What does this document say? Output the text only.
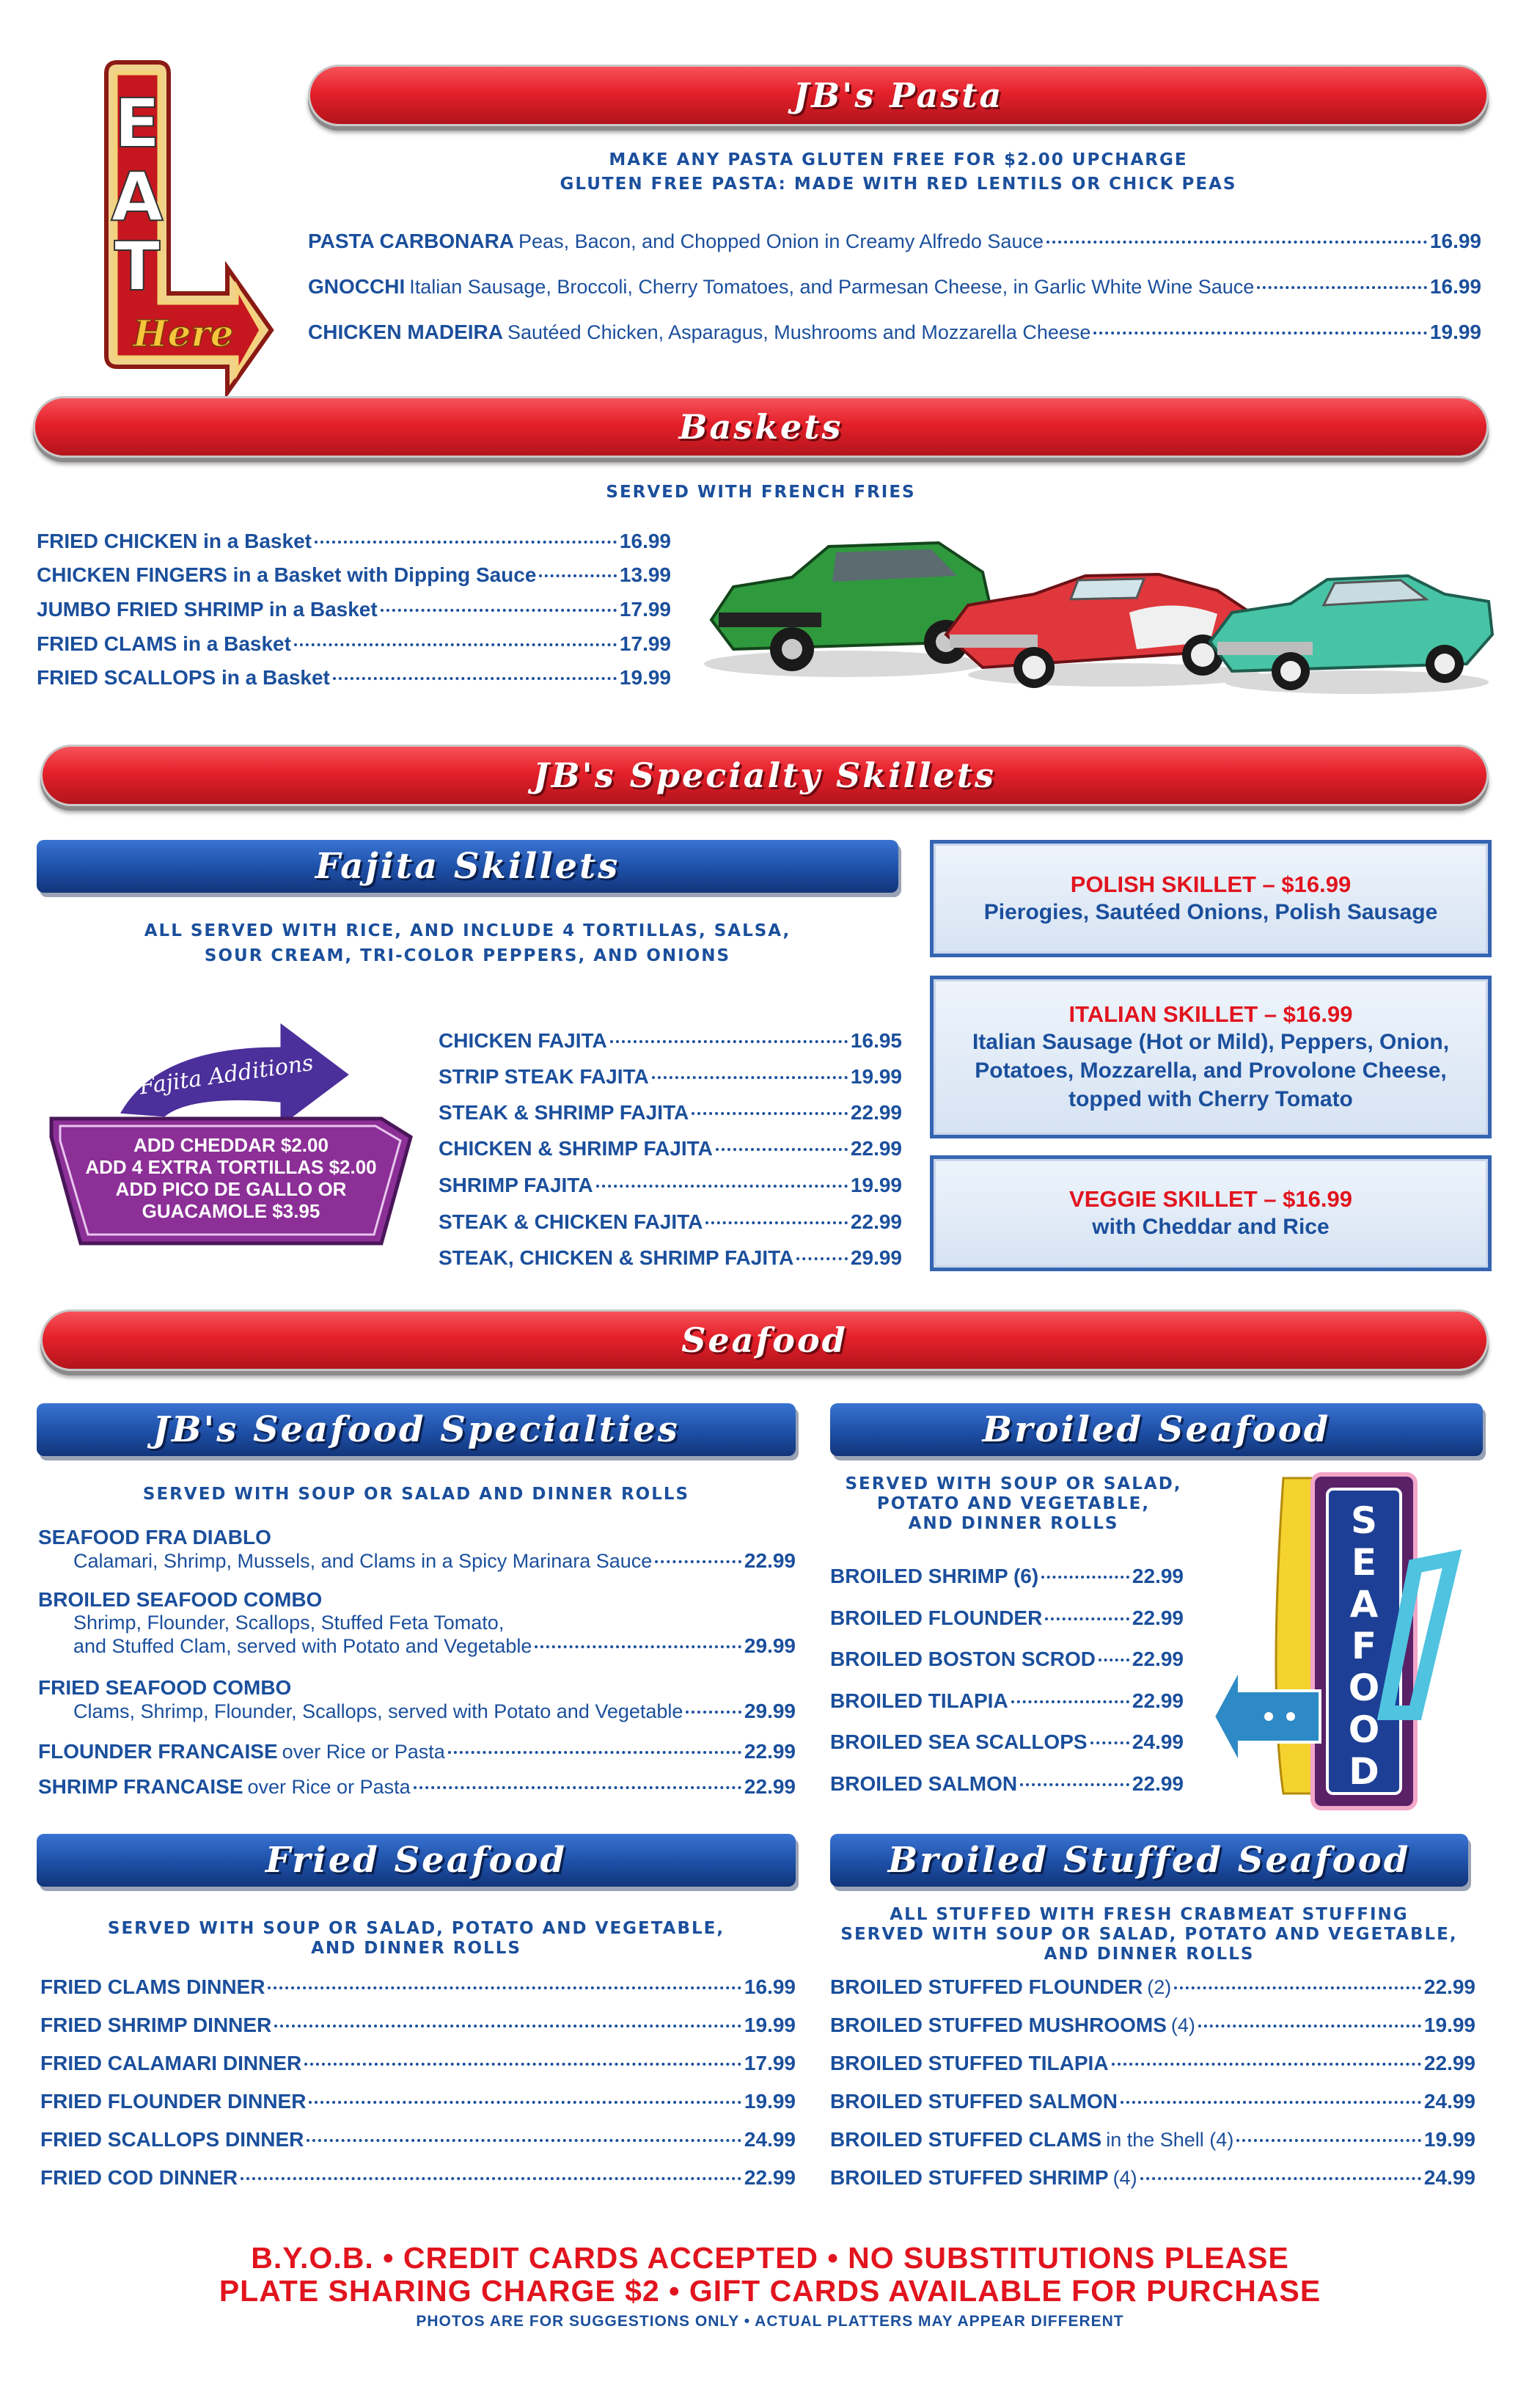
E
A
T
Here
JB's Pasta
MAKE ANY PASTA GLUTEN FREE FOR $2.00 UPCHARGE
GLUTEN FREE PASTA: MADE WITH RED LENTILS OR CHICK PEAS
PASTA CARBONARA Peas, Bacon, and Chopped Onion in Creamy Alfredo Sauce	16.99
GNOCCHI Italian Sausage, Broccoli, Cherry Tomatoes, and Parmesan Cheese, in Garlic White Wine Sauce	16.99
CHICKEN MADEIRA Sautéed Chicken, Asparagus, Mushrooms and Mozzarella Cheese	19.99
Baskets
SERVED WITH FRENCH FRIES
FRIED CHICKEN in a Basket	16.99
CHICKEN FINGERS in a Basket with Dipping Sauce	13.99
JUMBO FRIED SHRIMP in a Basket	17.99
FRIED CLAMS in a Basket	17.99
FRIED SCALLOPS in a Basket	19.99
JB's Specialty Skillets
Fajita Skillets
ALL SERVED WITH RICE, AND INCLUDE 4 TORTILLAS, SALSA,
SOUR CREAM, TRI-COLOR PEPPERS, AND ONIONS
Fajita Additions
ADD CHEDDAR $2.00
ADD 4 EXTRA TORTILLAS $2.00
ADD PICO DE GALLO OR
GUACAMOLE $3.95
CHICKEN FAJITA	16.95
STRIP STEAK FAJITA	19.99
STEAK & SHRIMP FAJITA	22.99
CHICKEN & SHRIMP FAJITA	22.99
SHRIMP FAJITA	19.99
STEAK & CHICKEN FAJITA	22.99
STEAK, CHICKEN & SHRIMP FAJITA	29.99
POLISH SKILLET – $16.99
Pierogies, Sautéed Onions, Polish Sausage
ITALIAN SKILLET – $16.99
Italian Sausage (Hot or Mild), Peppers, Onion,
Potatoes, Mozzarella, and Provolone Cheese,
topped with Cherry Tomato
VEGGIE SKILLET – $16.99
with Cheddar and Rice
Seafood
JB's Seafood Specialties
SERVED WITH SOUP OR SALAD AND DINNER ROLLS
SEAFOOD FRA DIABLO
Calamari, Shrimp, Mussels, and Clams in a Spicy Marinara Sauce	22.99
BROILED SEAFOOD COMBO
Shrimp, Flounder, Scallops, Stuffed Feta Tomato,
and Stuffed Clam, served with Potato and Vegetable	29.99
FRIED SEAFOOD COMBO
Clams, Shrimp, Flounder, Scallops, served with Potato and Vegetable	29.99
FLOUNDER FRANCAISE over Rice or Pasta	22.99
SHRIMP FRANCAISE over Rice or Pasta	22.99
Broiled Seafood
SERVED WITH SOUP OR SALAD,
POTATO AND VEGETABLE,
AND DINNER ROLLS
BROILED SHRIMP (6)	22.99
BROILED FLOUNDER	22.99
BROILED BOSTON SCROD 22.99
BROILED TILAPIA	22.99
BROILED SEA SCALLOPS 24.99
BROILED SALMON	22.99
S
E
A
F
O
O
D
Fried Seafood
SERVED WITH SOUP OR SALAD, POTATO AND VEGETABLE,
AND DINNER ROLLS
FRIED CLAMS DINNER	16.99
FRIED SHRIMP DINNER	19.99
FRIED CALAMARI DINNER	17.99
FRIED FLOUNDER DINNER	19.99
FRIED SCALLOPS DINNER	24.99
FRIED COD DINNER	22.99
Broiled Stuffed Seafood
ALL STUFFED WITH FRESH CRABMEAT STUFFING
SERVED WITH SOUP OR SALAD, POTATO AND VEGETABLE,
AND DINNER ROLLS
BROILED STUFFED FLOUNDER (2)	22.99
BROILED STUFFED MUSHROOMS (4)	19.99
BROILED STUFFED TILAPIA	22.99
BROILED STUFFED SALMON	24.99
BROILED STUFFED CLAMS in the Shell (4)	19.99
BROILED STUFFED SHRIMP (4)	24.99
B.Y.O.B. • CREDIT CARDS ACCEPTED • NO SUBSTITUTIONS PLEASE
PLATE SHARING CHARGE $2 • GIFT CARDS AVAILABLE FOR PURCHASE
PHOTOS ARE FOR SUGGESTIONS ONLY • ACTUAL PLATTERS MAY APPEAR DIFFERENT
